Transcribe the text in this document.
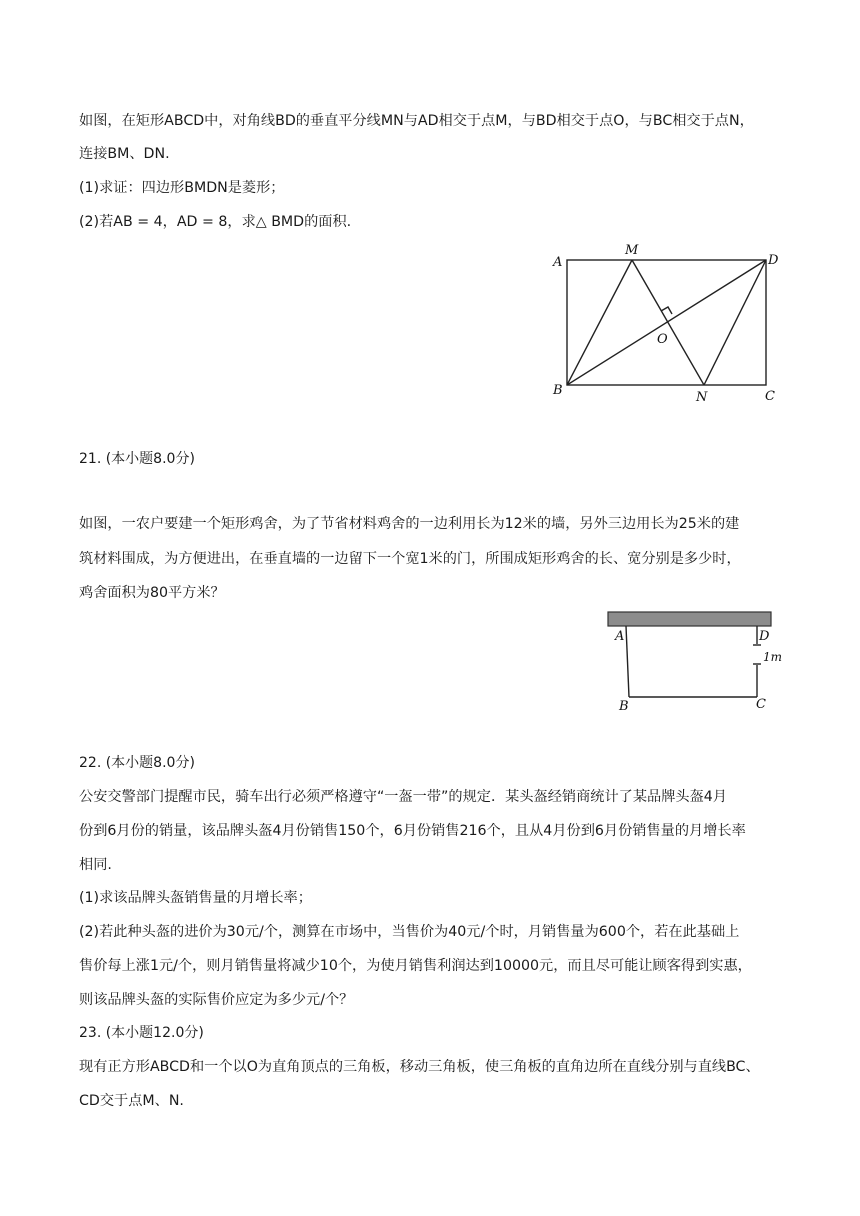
如图，在矩形ABCD中，对角线BD的垂直平分线MN与AD相交于点M，与BD相交于点O，与BC相交于点N，
连接BM、DN.
(1)求证：四边形BMDN是菱形；
(2)若AB = 4，AD = 8，求△ BMD的面积.
A
M
D
O
B	N	C
21. (本小题8.0分)
如图，一农户要建一个矩形鸡舍，为了节省材料鸡舍的一边利用长为12米的墙，另外三边用长为25米的建
筑材料围成，为方便进出，在垂直墙的一边留下一个宽1米的门，所围成矩形鸡舍的长、宽分别是多少时，
鸡舍面积为80平方米？
A	D
1m
B	C
22. (本小题8.0分)
公安交警部门提醒市民，骑车出行必须严格遵守“一盔一带”的规定．某头盔经销商统计了某品牌头盔4月
份到6月份的销量，该品牌头盔4月份销售150个，6月份销售216个，且从4月份到6月份销售量的月增长率
相同.
(1)求该品牌头盔销售量的月增长率；
(2)若此种头盔的进价为30元/个，测算在市场中，当售价为40元/个时，月销售量为600个，若在此基础上
售价每上涨1元/个，则月销售量将减少10个，为使月销售利润达到10000元，而且尽可能让顾客得到实惠，
则该品牌头盔的实际售价应定为多少元/个？
23. (本小题12.0分)
现有正方形ABCD和一个以O为直角顶点的三角板，移动三角板，使三角板的直角边所在直线分别与直线BC、
CD交于点M、N.
